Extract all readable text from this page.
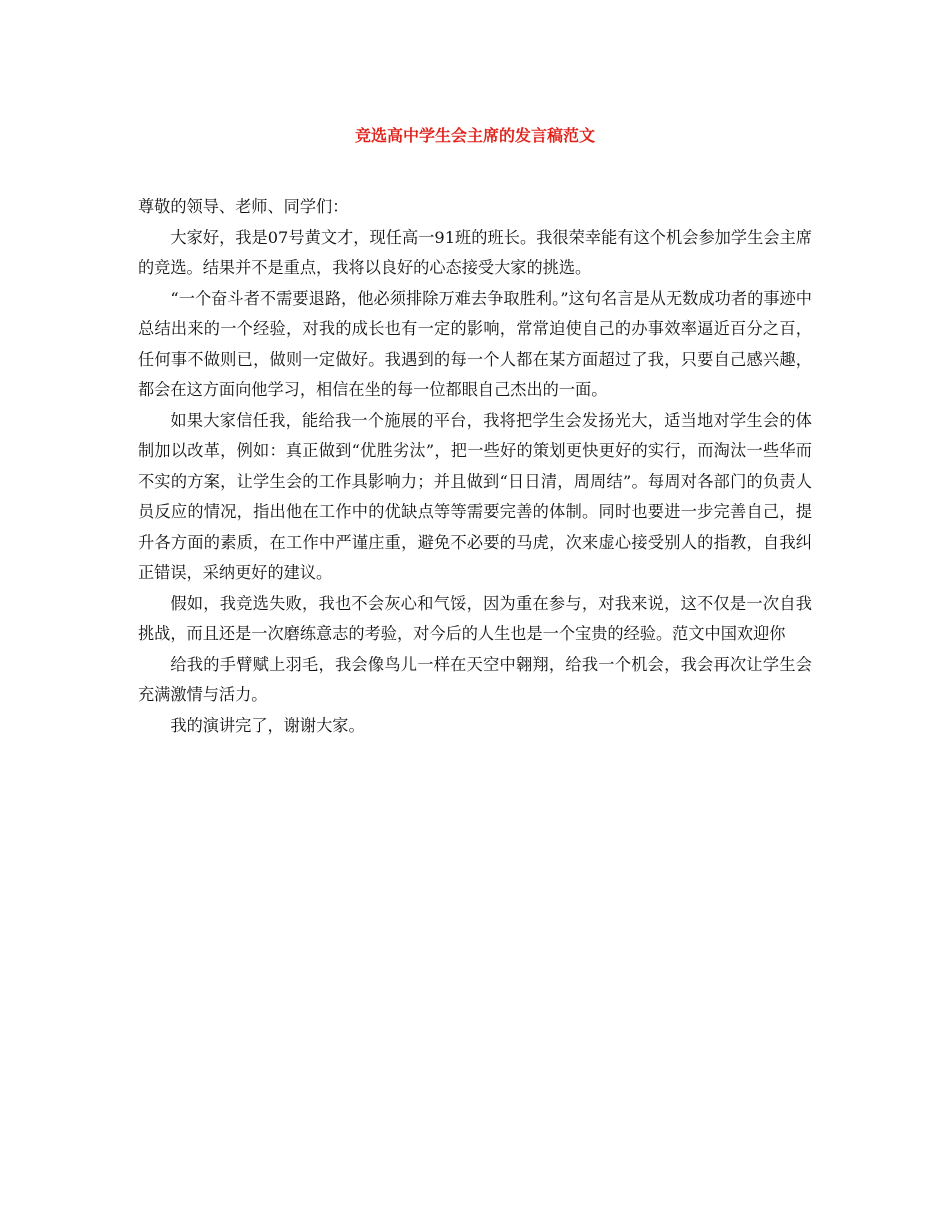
竞选高中学生会主席的发言稿范文

尊敬的领导、老师、同学们：

大家好，我是07号黄文才，现任高一91班的班长。我很荣幸能有这个机会参加学生会主席的竞选。结果并不是重点，我将以良好的心态接受大家的挑选。

“一个奋斗者不需要退路，他必须排除万难去争取胜利。”这句名言是从无数成功者的事迹中总结出来的一个经验，对我的成长也有一定的影响，常常迫使自己的办事效率逼近百分之百，任何事不做则已，做则一定做好。我遇到的每一个人都在某方面超过了我，只要自己感兴趣，都会在这方面向他学习，相信在坐的每一位都眼自己杰出的一面。

如果大家信任我，能给我一个施展的平台，我将把学生会发扬光大，适当地对学生会的体制加以改革，例如：真正做到“优胜劣汰”，把一些好的策划更快更好的实行，而淘汰一些华而不实的方案，让学生会的工作具影响力；并且做到“日日清，周周结”。每周对各部门的负责人员反应的情况，指出他在工作中的优缺点等等需要完善的体制。同时也要进一步完善自己，提升各方面的素质，在工作中严谨庄重，避免不必要的马虎，次来虚心接受别人的指教，自我纠正错误，采纳更好的建议。

假如，我竞选失败，我也不会灰心和气馁，因为重在参与，对我来说，这不仅是一次自我挑战，而且还是一次磨练意志的考验，对今后的人生也是一个宝贵的经验。范文中国欢迎你

给我的手臂赋上羽毛，我会像鸟儿一样在天空中翱翔，给我一个机会，我会再次让学生会充满激情与活力。

我的演讲完了，谢谢大家。
